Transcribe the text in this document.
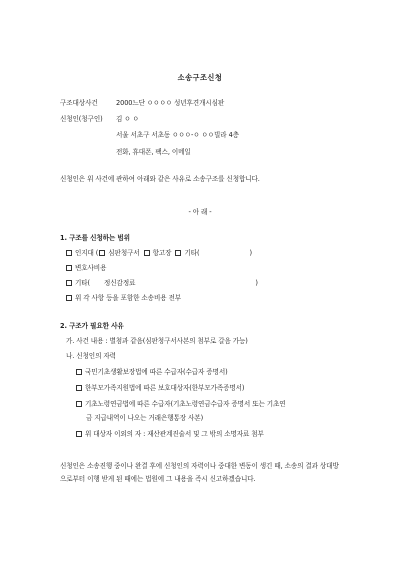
소송구조신청
구조대상사건	2000느단 ㅇㅇㅇㅇ 성년후견개시심판
신청인(청구인) 김 ㅇ ㅇ
서울 서초구 서초동 ㅇㅇㅇ-ㅇ ㅇㅇ빌라 4층
전화, 휴대폰, 팩스, 이메일
신청인은 위 사건에 관하여 아래와 같은 사유로 소송구조를 신청합니다.
- 아 래 -
1. 구조를 신청하는 범위
인지대 ( 심판청구서 항고장 기타(	)
변호사비용
기타( 정신감정료	)
위 각 사항 등을 포함한 소송비용 전부
2. 구조가 필요한 사유
가. 사건 내용 : 별첨과 같음(심판청구서사본의 첨부로 갈음 가능)
나. 신청인의 자력
국민기초생활보장법에 따른 수급자(수급자 증명서)
한부모가족지원법에 따른 보호대상자(한부모가족증명서)
기초노령연금법에 따른 수급자(기초노령연금수급자 증명서 또는 기초연
금 지급내역이 나오는 거래은행통장 사본)
위 대상자 이외의 자 : 재산관계진술서 및 그 밖의 소명자료 첨부
신청인은 소송진행 중이나 완결 후에 신청인의 자력이나 중대한 변동이 생긴 때, 소송의 결과 상대방으로부터 이행 받게 된 때에는 법원에 그 내용을 즉시 신고하겠습니다.
